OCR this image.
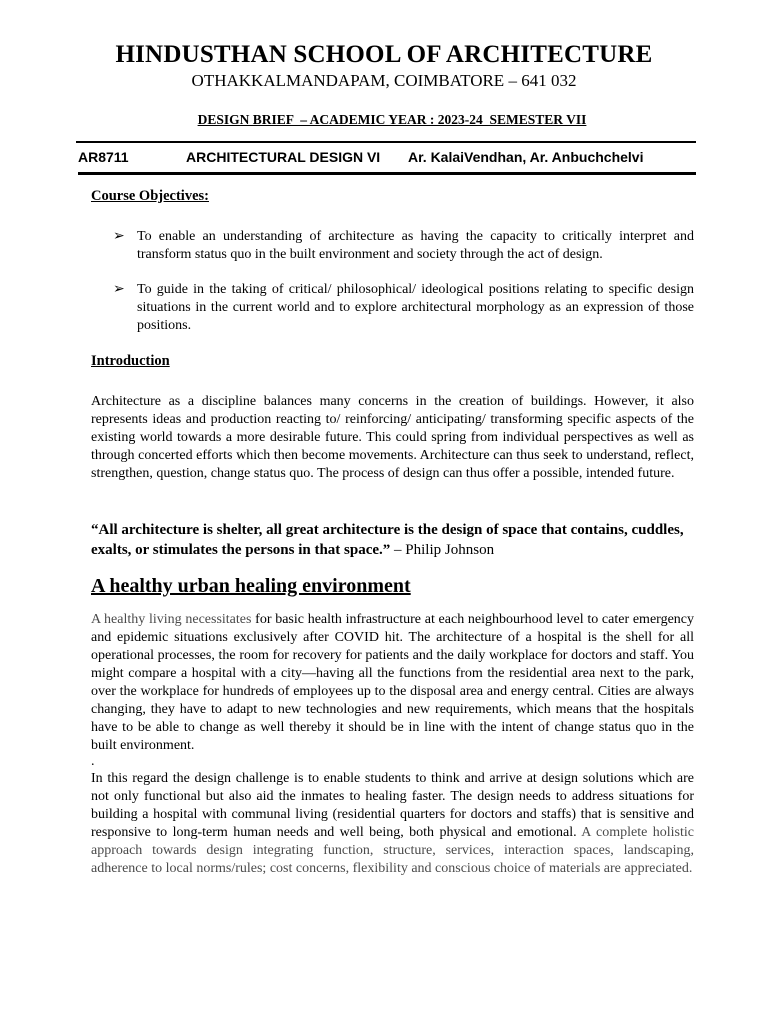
HINDUSTHAN SCHOOL OF ARCHITECTURE
OTHAKKALMANDAPAM, COIMBATORE – 641 032
DESIGN BRIEF  – ACADEMIC YEAR : 2023-24  SEMESTER VII
AR8711	ARCHITECTURAL DESIGN VI Ar. KalaiVendhan, Ar. Anbuchchelvi
Course Objectives:
➢ To enable an understanding of architecture as having the capacity to critically interpret and transform status quo in the built environment and society through the act of design.
➢ To guide in the taking of critical/ philosophical/ ideological positions relating to specific design situations in the current world and to explore architectural morphology as an expression of those positions.
Introduction
Architecture as a discipline balances many concerns in the creation of buildings. However, it also represents ideas and production reacting to/ reinforcing/ anticipating/ transforming specific aspects of the existing world towards a more desirable future. This could spring from individual perspectives as well as through concerted efforts which then become movements. Architecture can thus seek to understand, reflect, strengthen, question, change status quo. The process of design can thus offer a possible, intended future.
“All architecture is shelter, all great architecture is the design of space that contains, cuddles, exalts, or stimulates the persons in that space.” – Philip Johnson
A healthy urban healing environment
A healthy living necessitates for basic health infrastructure at each neighbourhood level to cater emergency and epidemic situations exclusively after COVID hit. The architecture of a hospital is the shell for all operational processes, the room for recovery for patients and the daily workplace for doctors and staff. You might compare a hospital with a city—having all the functions from the residential area next to the park, over the workplace for hundreds of employees up to the disposal area and energy central. Cities are always changing, they have to adapt to new technologies and new requirements, which means that the hospitals have to be able to change as well thereby it should be in line with the intent of change status quo in the built environment.
.
In this regard the design challenge is to enable students to think and arrive at design solutions which are not only functional but also aid the inmates to healing faster. The design needs to address situations for building a hospital with communal living (residential quarters for doctors and staffs) that is sensitive and responsive to long-term human needs and well being, both physical and emotional. A complete holistic approach towards design integrating function, structure, services, interaction spaces, landscaping, adherence to local norms/rules; cost concerns, flexibility and conscious choice of materials are appreciated.
